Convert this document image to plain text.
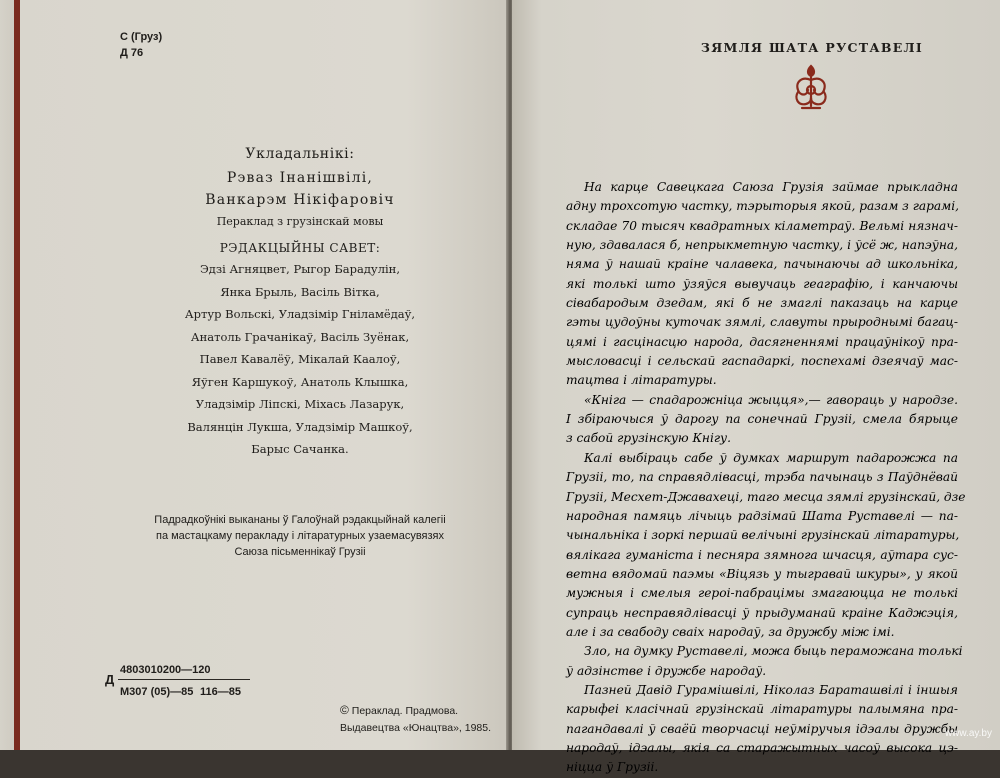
С (Груз)
Д 76
Укладальнікі:
Рэваз Інанішвілі,
Ванкарэм Нікіфаровіч
Пераклад з грузінскай мовы
РЭДАКЦЫЙНЫ САВЕТ:
Эдзі Агняцвет, Рыгор Барадулін,
Янка Брыль, Васіль Вітка,
Артур Вольскі, Уладзімір Гніламёдаў,
Анатоль Грачанікаў, Васіль Зуёнак,
Павел Кавалёў, Мікалай Каалоў,
Яўген Каршукоў, Анатоль Клышка,
Уладзімір Ліпскі, Міхась Лазарук,
Валянцін Лукша, Уладзімір Машкоў,
Барыс Сачанка.
Падрадкоўнікі выкананы ў Галоўнай рэдакцыйнай калегіі
па мастацкаму перакладу і літаратурных узаемасувязях
Саюза пісьменнікаў Грузіі
Д
4803010200—120
М307 (05)—85 116—85
© Пераклад. Прадмова.
Выдавецтва «Юнацтва», 1985.
ЗЯМЛЯ ШАТА РУСТАВЕЛІ
На карце Савецкага Саюза Грузія займае прыкладна
адну трохсотую частку, тэрыторыя якой, разам з гарамі,
складае 70 тысяч квадратных кіламетраў. Вельмі нязнач-
ную, здавалася б, непрыкметную частку, і ўсё ж, напэўна,
няма ў нашай краіне чалавека, пачынаючы ад школьніка,
які толькі што ўзяўся вывучаць геаграфію, і канчаючы
сівабародым дзедам, які б не змаглі паказаць на карце
гэты цудоўны куточак зямлі, славуты прыроднымі багац-
цямі і гасцінасцю народа, дасягненнямі працаўнікоў пра-
мысловасці і сельскай гаспадаркі, поспехамі дзеячаў мас-
тацтва і літаратуры.
«Кніга — спадарожніца жыцця»,— гавораць у народзе.
І збіраючыся ў дарогу па сонечнай Грузіі, смела бярыце
з сабой грузінскую Кнігу.
Калі выбіраць сабе ў думках маршрут падарожжа па
Грузіі, то, па справядлівасці, трэба пачынаць з Паўднёвай
Грузіі, Месхет-Джавахеці, таго месца зямлі грузінскай, дзе
народная памяць лічыць радзімай Шата Руставелі — па-
чынальніка і зоркі першай велічыні грузінскай літаратуры,
вялікага гуманіста і песняра зямнога шчасця, аўтара сус-
ветна вядомай паэмы «Віцязь у тыгравай шкуры», у якой
мужныя і смелыя героі-пабрацімы змагаюцца не толькі
супраць несправядлівасці ў прыдуманай краіне Каджэція,
але і за свабоду сваіх народаў, за дружбу між імі.
Зло, на думку Руставелі, можа быць пераможана толькі
ў адзінстве і дружбе народаў.
Пазней Давід Гурамішвілі, Ніколаз Бараташвілі і іншыя
карыфеі класічнай грузінскай літаратуры палымяна пра-
пагандавалі ў сваёй творчасці неўміручыя ідэалы дружбы
народаў, ідэалы, якія са старажытных часоў высока цэ-
ніцца ў Грузіі.
www.ay.by
